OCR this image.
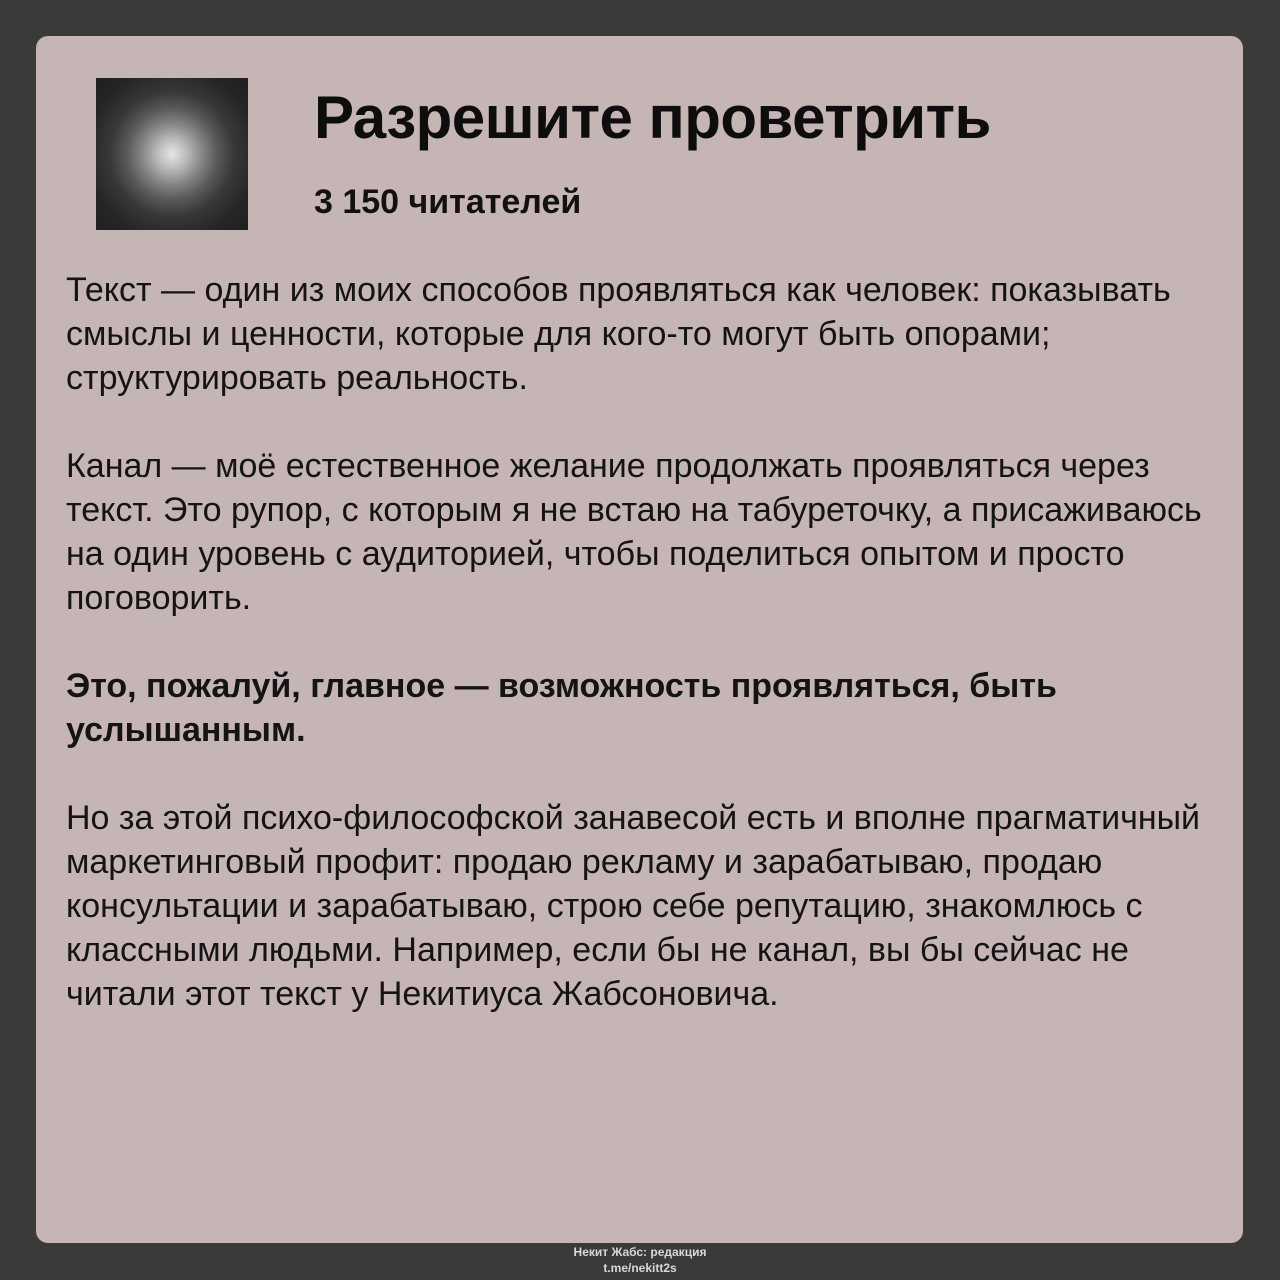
Разрешите проветрить
3 150 читателей

Текст — один из моих способов проявляться как человек: показывать смыслы и ценности, которые для кого-то могут быть опорами; структурировать реальность.

Канал — моё естественное желание продолжать проявляться через текст. Это рупор, с которым я не встаю на табуреточку, а присаживаюсь на один уровень с аудиторией, чтобы поделиться опытом и просто поговорить.

Это, пожалуй, главное — возможность проявляться, быть услышанным.

Но за этой психо-философской занавесой есть и вполне прагматичный маркетинговый профит: продаю рекламу и зарабатываю, продаю консультации и зарабатываю, строю себе репутацию, знакомлюсь с классными людьми. Например, если бы не канал, вы бы сейчас не читали этот текст у Некитиуса Жабсоновича.

Некит Жабс: редакция
t.me/nekitt2s
